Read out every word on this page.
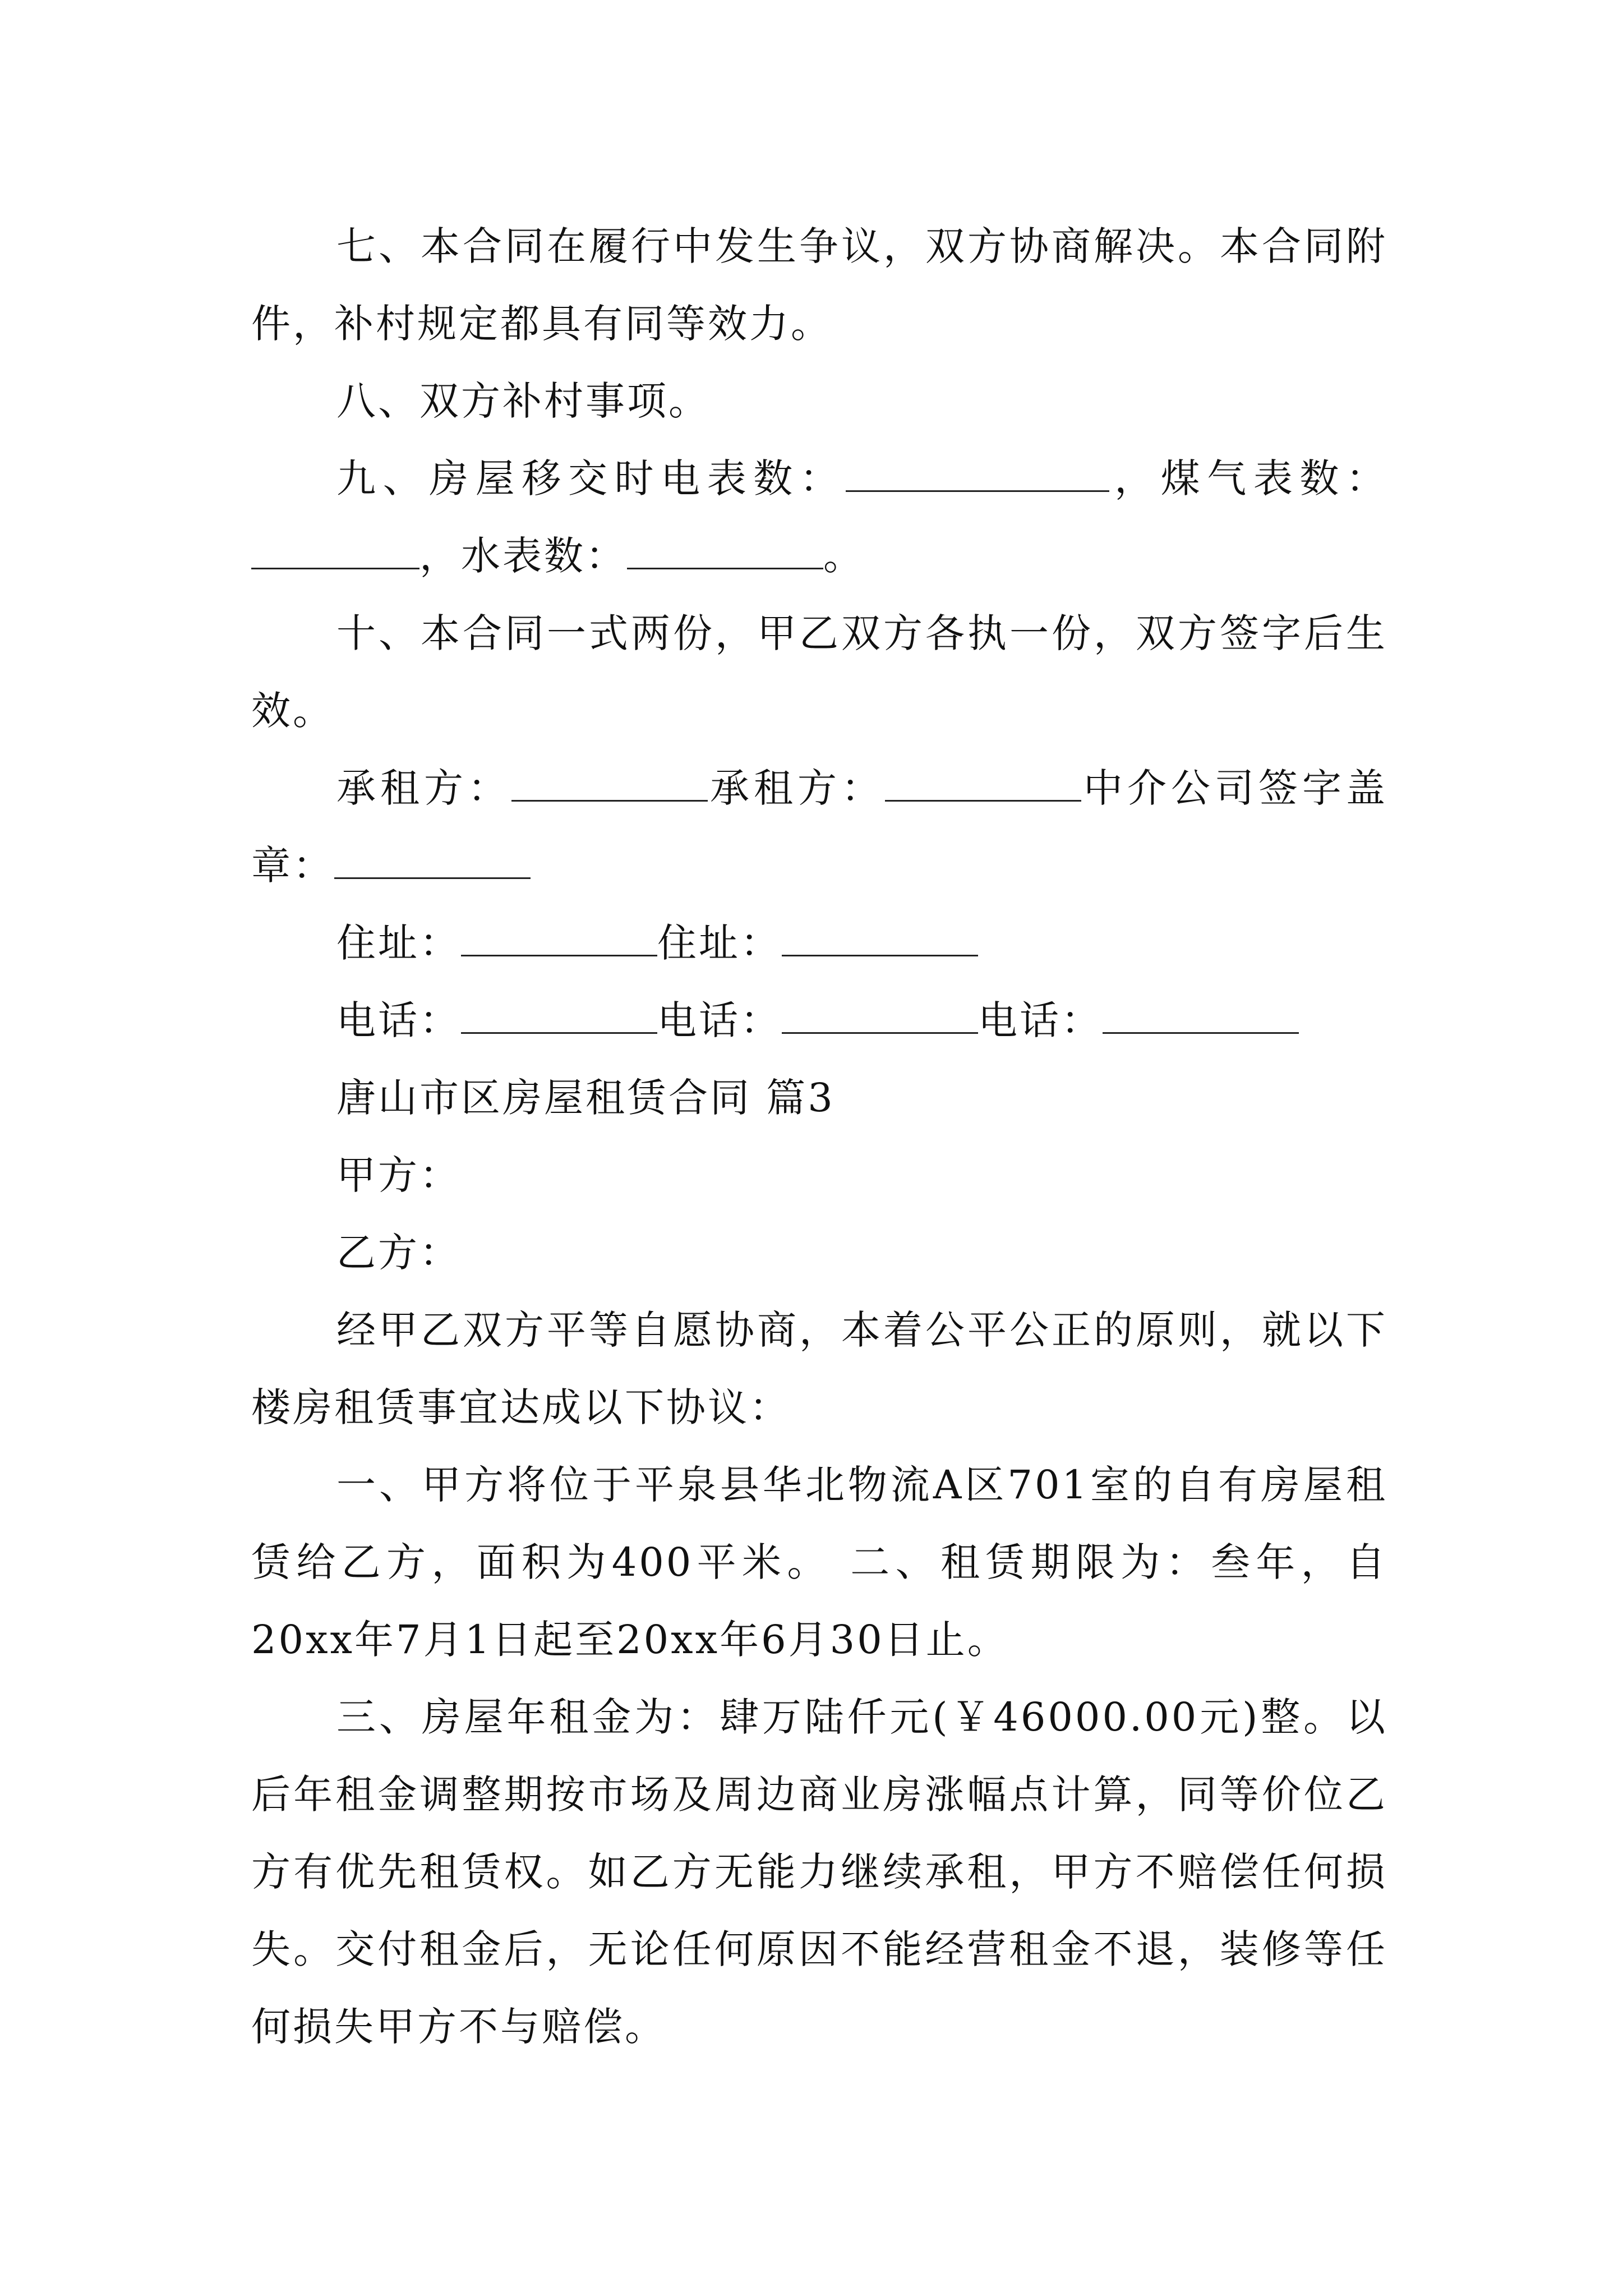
七、本合同在履行中发生争议，双方协商解决。本合同附件，补村规定都具有同等效力。

八、双方补村事项。

九、房屋移交时电表数：	，煤气表数：，水表数：	。

十、本合同一式两份，甲乙双方各执一份，双方签字后生效。

承租方：	承租方：	中介公司签字盖章：

住址：	住址：

电话：	电话：	电话：

唐山市区房屋租赁合同 篇3

甲方：

乙方：

经甲乙双方平等自愿协商，本着公平公正的原则，就以下楼房租赁事宜达成以下协议：

一、甲方将位于平泉县华北物流A区701室的自有房屋租赁给乙方，面积为400平米。 二、租赁期限为：叁年，自20xx年7月1日起至20xx年6月30日止。

三、房屋年租金为：肆万陆仟元(￥46000.00元)整。以后年租金调整期按市场及周边商业房涨幅点计算，同等价位乙方有优先租赁权。如乙方无能力继续承租，甲方不赔偿任何损失。交付租金后，无论任何原因不能经营租金不退，装修等任何损失甲方不与赔偿。
